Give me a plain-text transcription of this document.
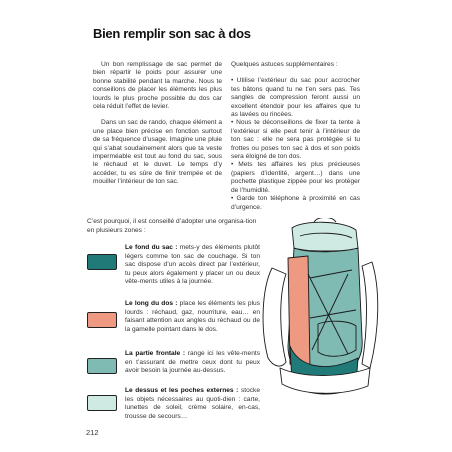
Bien remplir son sac à dos

Un bon remplissage de sac permet de bien répartir le poids pour assurer une bonne stabilité pendant la marche. Nous te conseillons de placer les éléments les plus lourds le plus proche possible du dos car cela réduit l’effet de levier.

Dans un sac de rando, chaque élément a une place bien précise en fonction surtout de sa fréquence d’usage. Imagine une pluie qui s’abat soudainement alors que ta veste imperméable est tout au fond du sac, sous le réchaud et le duvet. Le temps d’y accéder, tu es sûre de finir trempée et de mouiller l’intérieur de ton sac.

Quelques astuces supplémentaires :

• Utilise l’extérieur du sac pour accrocher tes bâtons quand tu ne t’en sers pas. Tes sangles de compression feront aussi un excellent étendoir pour les affaires que tu as lavées ou rincées.

• Nous te déconseillons de fixer ta tente à l’extérieur si elle peut tenir à l’intérieur de ton sac : elle ne sera pas protégée si tu frottes ou poses ton sac à dos et son poids sera éloigné de ton dos.

• Mets tes affaires les plus précieuses (papiers d’identité, argent…) dans une pochette plastique zippée pour les protéger de l’humidité.

• Garde ton téléphone à proximité en cas d’urgence.

C’est pourquoi, il est conseillé d’adopter une organisa-tion en plusieurs zones :
Le fond du sac : mets-y des éléments plutôt légers comme ton sac de couchage. Si ton sac dispose d’un accès direct par l’extérieur, tu peux alors également y placer un ou deux vête-ments utiles à la journée.
Le long du dos : place les éléments les plus lourds : réchaud, gaz, nourriture, eau… en faisant attention aux angles du réchaud ou de la gamelle pointant dans le dos.
La partie frontale : range ici les vête-ments en t’assurant de mettre ceux dont tu peux avoir besoin la journée au-dessus.
Le dessus et les poches externes : stocke les objets nécessaires au quoti-dien : carte, lunettes de soleil, crème solaire, en-cas, trousse de secours…
212
